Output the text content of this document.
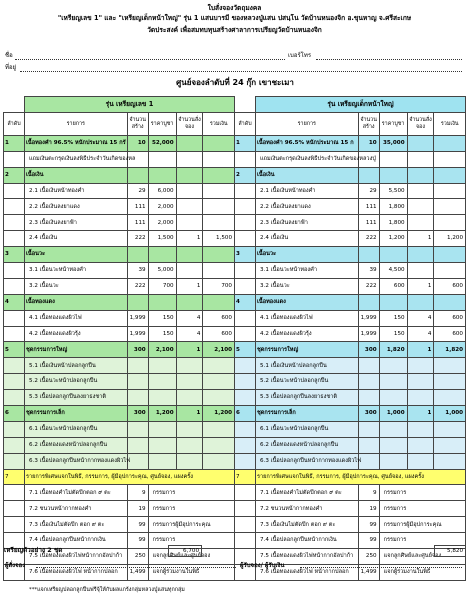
ใบสั่งจองวัตถุมงคล
"เหรียญเลข 1" และ "เหรียญเด็กหน้าใหญ่" รุ่น 1 แสนบารมี ของหลวงปู่แสน ปสนฺโน วัดบ้านหนองจิก อ.ขุนหาญ จ.ศรีสะเกษ
วัดประสงค์ เพื่อสมทบทุนสร้างศาลาการเปรียญวัดบ้านหนองจิก
ชื่อ	เบอร์โทร
ที่อยู่
ศูนย์จองลำดับที่ 24 กุ๊ก เขาชะเมา
	รุ่น เหรียญเลข 1				
ลำดับ	รายการ	จำนวนสร้าง	ราคาบูชา	จำนวนสั่งจอง	รวมเงิน
1	เนื้อทองคำ 96.5% หนักประมาณ 15 กรั	10	52,000		
	แถมเงินตะกรุดเงินลงพิธีประจำวันเกิดของหล				
2	เนื้อเงิน				
	2.1 เนื้อเงินหน้าทองคำ	29	6,000		
	2.2 เนื้อเงินลงยาแดง	111	2,000		
	2.3 เนื้อเงินลงยาฟ้า	111	2,000		
	2.4 เนื้อเงิน	222	1,500	1	1,500
3	เนื้อนวะ				
	3.1 เนื้อนวะหน้าทองคำ	39	5,000		
	3.2 เนื้อนวะ	222	700	1	700
4	เนื้อทองแดง				
	4.1 เนื้อทองแดงผิวไฟ	1,999	150	4	600
	4.2 เนื้อทองแดงผิวรุ้ง	1,999	150	4	600
5	ชุดกรรมการใหญ่	300	2,100	1	2,100
	5.1 เนื้อเงินหน้าปลอกลูกปืน				
	5.2 เนื้อนวะหน้าปลอกลูกปืน				
	5.3 เนื้อปลอกลูกปืนลงยาธงชาติ				
6	ชุดกรรมการเล็ก	300	1,200	1	1,200
	6.1 เนื้อนวะหน้าปลอกลูกปืน				
	6.2 เนื้อทองแดงหน้าปลอกลูกปืน				
	6.3 เนื้อปลอกลูกปืนหน้ากากทองแดงผิวไฟ				
7	รายการพิเศษแจกในพิธี, กรรมการ, ผู้มีอุปการะคุณ, ศูนย์จอง, แผงครั้ง				
	7.1 เนื้อทองคำไม่ตัดปีกตอก ๙ ตะ	9	กรรมการ		
	7.2 ชนวนหน้ากากทองคำ	19	กรรมการ		
	7.3 เนื้อเงินไม่ตัดปีก ตอก ๙ ตะ	99	กรรมการผู้มีอุปการะคุณ		
	7.4 เนื้อปลอกลูกปืนหน้ากากเงิน	99	กรรมการ		
	7.5 เนื้อทองแดงผิวไฟหน้ากากอัลปาก้า	250	แจกลูกศิษย์และศูนย์จอง		
	7.6 เนื้อทองแดงผิวไฟ หน้ากากปลอก	1,499	แจกผู้ร่วมงานในพิธี		
	รุ่น เหรียญเด็กหน้าใหญ่				
ลำดับ	รายการ	จำนวนสร้าง	ราคาบูชา	จำนวนสั่งจอง	รวมเงิน
1	เนื้อทองคำ 96.5% หนักประมาณ 15 ก	10	35,000		
	แถมเงินตะกรุดเงินลงพิธีประจำวันเกิดของหลวงปู่				
2	เนื้อเงิน				
	2.1 เนื้อเงินหน้าทองคำ	29	5,500		
	2.2 เนื้อเงินลงยาแดง	111	1,800		
	2.3 เนื้อเงินลงยาฟ้า	111	1,800		
	2.4 เนื้อเงิน	222	1,200	1	1,200
3	เนื้อนวะ				
	3.1 เนื้อนวะหน้าทองคำ	39	4,500		
	3.2 เนื้อนวะ	222	600	1	600
4	เนื้อทองแดง				
	4.1 เนื้อทองแดงผิวไฟ	1,999	150	4	600
	4.2 เนื้อทองแดงผิวรุ้ง	1,999	150	4	600
5	ชุดกรรมการใหญ่	300	1,820	1	1,820
	5.1 เนื้อเงินหน้าปลอกลูกปืน				
	5.2 เนื้อนวะหน้าปลอกลูกปืน				
	5.3 เนื้อปลอกลูกปืนลงยาธงชาติ				
6	ชุดกรรมการเล็ก	300	1,000	1	1,000
	6.1 เนื้อนวะหน้าปลอกลูกปืน				
	6.2 เนื้อทองแดงหน้าปลอกลูกปืน				
	6.3 เนื้อปลอกลูกปืนหน้ากากทองแดงผิวไฟ				
7	รายการพิเศษแจกในพิธี, กรรมการ, ผู้มีอุปการะคุณ, ศูนย์จอง, แผงครั้ง				
	7.1 เนื้อทองคำไม่ตัดปีกตอก ๙ ตะ	9	กรรมการ		
	7.2 ชนวนหน้ากากทองคำ	19	กรรมการ		
	7.3 เนื้อเงินไม่ตัดปีก ตอก ๙ ตะ	99	กรรมการผู้มีอุปการะคุณ		
	7.4 เนื้อปลอกลูกปืนหน้ากากเงิน	99	กรรมการ		
	7.5 เนื้อทองแดงผิวไฟหน้ากากอัลปาก้า	250	แจกลูกศิษย์และศูนย์จอง		
	7.6 เนื้อทองแดงผิวไฟ หน้ากากปลอก	1,499	แจกผู้ร่วมงานในพิธี		
เหรียญตัวอย่าง 2 ชุด	6,700	5,820
ผู้สั่งจอง	ผู้รับจอง/ ผู้รับเงิน
***แจกเหรียญปลอกลูกปืนฟรีจุ้ให้กับผลแกร้งกลุ่มหลวงปู่แสนทุกกลุ่ม
